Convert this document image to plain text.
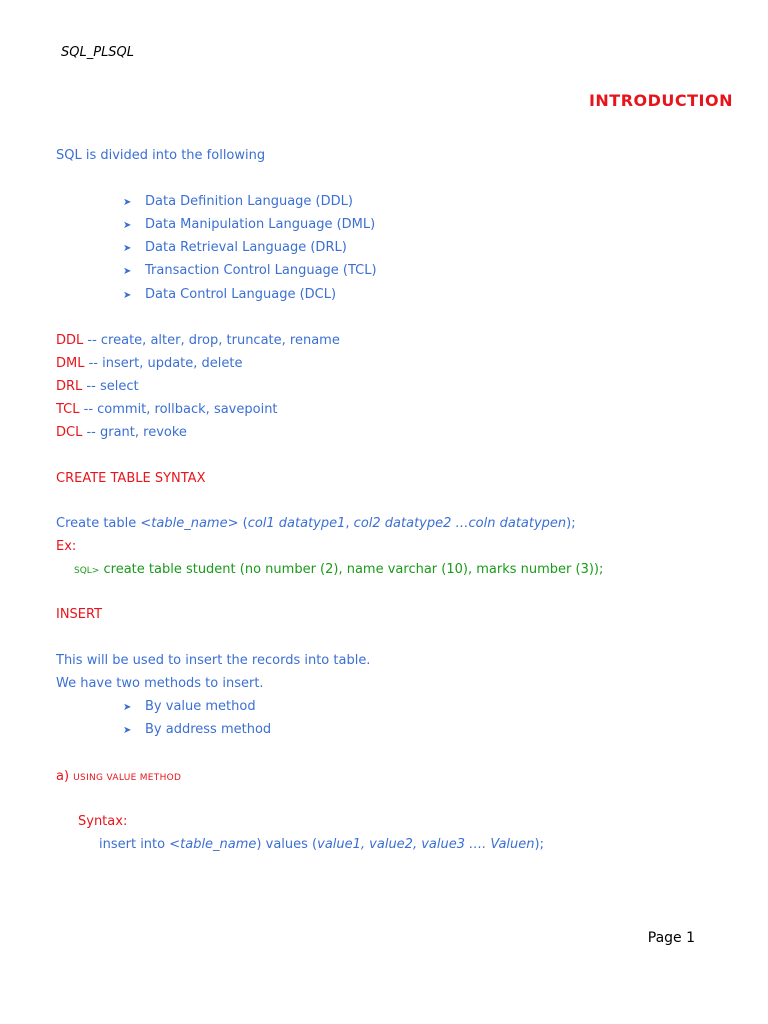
SQL_PLSQL
INTRODUCTION
SQL is divided into the following
➤ Data Definition Language (DDL)
➤ Data Manipulation Language (DML)
➤ Data Retrieval Language (DRL)
➤ Transaction Control Language (TCL)
➤ Data Control Language (DCL)
DDL -- create, alter, drop, truncate, rename
DML -- insert, update, delete
DRL -- select
TCL -- commit, rollback, savepoint
DCL -- grant, revoke
CREATE TABLE SYNTAX
Create table <table_name> (col1 datatype1, col2 datatype2 …coln datatypen);
Ex:
SQL> create table student (no number (2), name varchar (10), marks number (3));
INSERT
This will be used to insert the records into table.
We have two methods to insert.
➤ By value method
➤ By address method
a) USING VALUE METHOD
Syntax:
insert into <table_name) values (value1, value2, value3 …. Valuen);
Page 1
